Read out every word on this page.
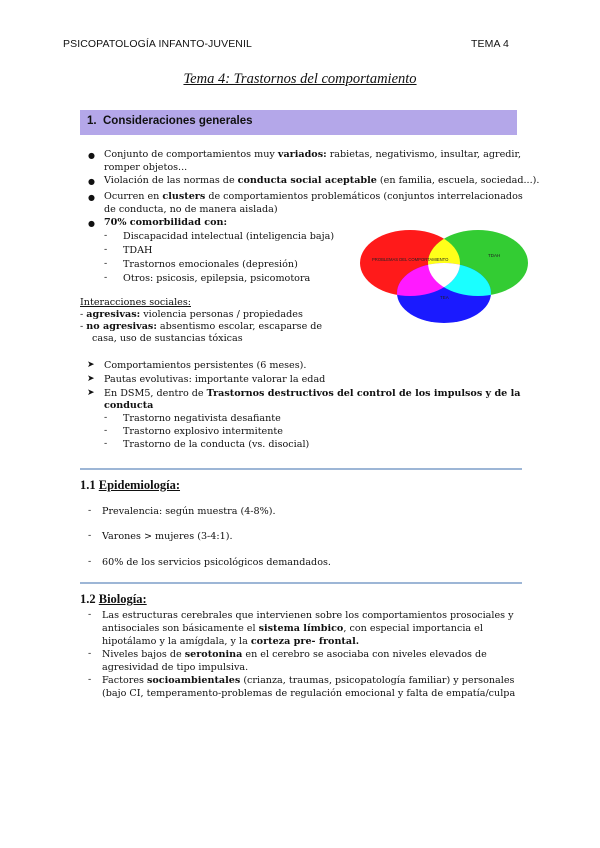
PSICOPATOLOGÍA INFANTO-JUVENIL	TEMA 4
Tema 4: Trastornos del comportamiento
1. Consideraciones generales
● Conjunto de comportamientos muy variados: rabietas, negativismo, insultar, agredir,
romper objetos...
● Violación de las normas de conducta social aceptable (en familia, escuela, sociedad...).
● Ocurren en clusters de comportamientos problemáticos (conjuntos interrelacionados
de conducta, no de manera aislada)
● 70% comorbilidad con:
- Discapacidad intelectual (inteligencia baja)
- TDAH
- Trastornos emocionales (depresión)
- Otros: psicosis, epilepsia, psicomotora
PROBLEMAS DEL COMPORTAMIENTO
TDAH
TEA
Interacciones sociales:
- agresivas: violencia personas / propiedades
- no agresivas: absentismo escolar, escaparse de
casa, uso de sustancias tóxicas
➤ Comportamientos persistentes (6 meses).
➤ Pautas evolutivas: importante valorar la edad
➤ En DSM5, dentro de Trastornos destructivos del control de los impulsos y de la
conducta
- Trastorno negativista desafiante
- Trastorno explosivo intermitente
- Trastorno de la conducta (vs. disocial)
1.1 Epidemiología:
- Prevalencia: según muestra (4-8%).
- Varones > mujeres (3-4:1).
- 60% de los servicios psicológicos demandados.
1.2 Biología:
- Las estructuras cerebrales que intervienen sobre los comportamientos prosociales y
antisociales son básicamente el sistema límbico, con especial importancia el
hipotálamo y la amígdala, y la corteza pre- frontal.
- Niveles bajos de serotonina en el cerebro se asociaba con niveles elevados de
agresividad de tipo impulsiva.
- Factores socioambientales (crianza, traumas, psicopatología familiar) y personales
(bajo CI, temperamento-problemas de regulación emocional y falta de empatía/culpa
